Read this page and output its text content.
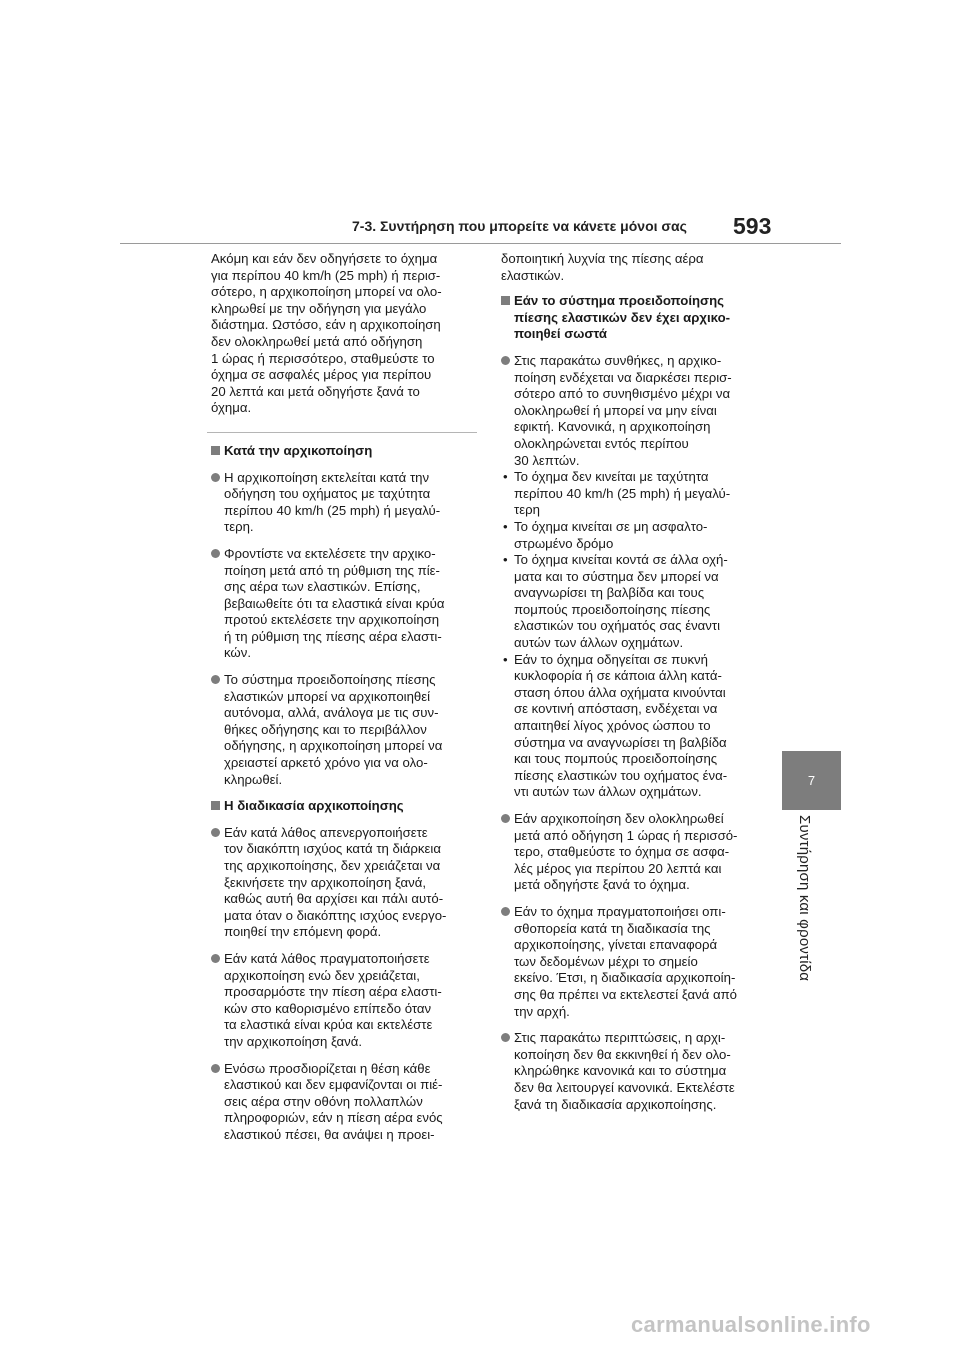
7-3. Συντήρηση που μπορείτε να κάνετε μόνοι σας 593
7
Συντήρηση και φροντίδα
Ακόμη και εάν δεν οδηγήσετε το όχημα
για περίπου 40 km/h (25 mph) ή περισ-
σότερο, η αρχικοποίηση μπορεί να ολο-
κληρωθεί με την οδήγηση για μεγάλο
διάστημα. Ωστόσο, εάν η αρχικοποίηση
δεν ολοκληρωθεί μετά από οδήγηση
1 ώρας ή περισσότερο, σταθμεύστε το
όχημα σε ασφαλές μέρος για περίπου
20 λεπτά και μετά οδηγήστε ξανά το
όχημα.
Κατά την αρχικοποίηση
Η αρχικοποίηση εκτελείται κατά την
οδήγηση του οχήματος με ταχύτητα
περίπου 40 km/h (25 mph) ή μεγαλύ-
τερη.
Φροντίστε να εκτελέσετε την αρχικο-
ποίηση μετά από τη ρύθμιση της πίε-
σης αέρα των ελαστικών. Επίσης,
βεβαιωθείτε ότι τα ελαστικά είναι κρύα
προτού εκτελέσετε την αρχικοποίηση
ή τη ρύθμιση της πίεσης αέρα ελαστι-
κών.
Το σύστημα προειδοποίησης πίεσης
ελαστικών μπορεί να αρχικοποιηθεί
αυτόνομα, αλλά, ανάλογα με τις συν-
θήκες οδήγησης και το περιβάλλον
οδήγησης, η αρχικοποίηση μπορεί να
χρειαστεί αρκετό χρόνο για να ολο-
κληρωθεί.
Η διαδικασία αρχικοποίησης
Εάν κατά λάθος απενεργοποιήσετε
τον διακόπτη ισχύος κατά τη διάρκεια
της αρχικοποίησης, δεν χρειάζεται να
ξεκινήσετε την αρχικοποίηση ξανά,
καθώς αυτή θα αρχίσει και πάλι αυτό-
ματα όταν ο διακόπτης ισχύος ενεργο-
ποιηθεί την επόμενη φορά.
Εάν κατά λάθος πραγματοποιήσετε
αρχικοποίηση ενώ δεν χρειάζεται,
προσαρμόστε την πίεση αέρα ελαστι-
κών στο καθορισμένο επίπεδο όταν
τα ελαστικά είναι κρύα και εκτελέστε
την αρχικοποίηση ξανά.
Ενόσω προσδιορίζεται η θέση κάθε
ελαστικού και δεν εμφανίζονται οι πιέ-
σεις αέρα στην οθόνη πολλαπλών
πληροφοριών, εάν η πίεση αέρα ενός
ελαστικού πέσει, θα ανάψει η προει-
δοποιητική λυχνία της πίεσης αέρα
ελαστικών.
Εάν το σύστημα προειδοποίησης
πίεσης ελαστικών δεν έχει αρχικο-
ποιηθεί σωστά
Στις παρακάτω συνθήκες, η αρχικο-
ποίηση ενδέχεται να διαρκέσει περισ-
σότερο από το συνηθισμένο μέχρι να
ολοκληρωθεί ή μπορεί να μην είναι
εφικτή. Κανονικά, η αρχικοποίηση
ολοκληρώνεται εντός περίπου
30 λεπτών.
• Το όχημα δεν κινείται με ταχύτητα
περίπου 40 km/h (25 mph) ή μεγαλύ-
τερη
• Το όχημα κινείται σε μη ασφαλτο-
στρωμένο δρόμο
• Το όχημα κινείται κοντά σε άλλα οχή-
ματα και το σύστημα δεν μπορεί να
αναγνωρίσει τη βαλβίδα και τους
πομπούς προειδοποίησης πίεσης
ελαστικών του οχήματός σας έναντι
αυτών των άλλων οχημάτων.
• Εάν το όχημα οδηγείται σε πυκνή
κυκλοφορία ή σε κάποια άλλη κατά-
σταση όπου άλλα οχήματα κινούνται
σε κοντινή απόσταση, ενδέχεται να
απαιτηθεί λίγος χρόνος ώσπου το
σύστημα να αναγνωρίσει τη βαλβίδα
και τους πομπούς προειδοποίησης
πίεσης ελαστικών του οχήματος ένα-
ντι αυτών των άλλων οχημάτων.
Εάν αρχικοποίηση δεν ολοκληρωθεί
μετά από οδήγηση 1 ώρας ή περισσό-
τερο, σταθμεύστε το όχημα σε ασφα-
λές μέρος για περίπου 20 λεπτά και
μετά οδηγήστε ξανά το όχημα.
Εάν το όχημα πραγματοποιήσει οπι-
σθοπορεία κατά τη διαδικασία της
αρχικοποίησης, γίνεται επαναφορά
των δεδομένων μέχρι το σημείο
εκείνο. Έτσι, η διαδικασία αρχικοποίη-
σης θα πρέπει να εκτελεστεί ξανά από
την αρχή.
Στις παρακάτω περιπτώσεις, η αρχι-
κοποίηση δεν θα εκκινηθεί ή δεν ολο-
κληρώθηκε κανονικά και το σύστημα
δεν θα λειτουργεί κανονικά. Εκτελέστε
ξανά τη διαδικασία αρχικοποίησης.
carmanualsonline.info
